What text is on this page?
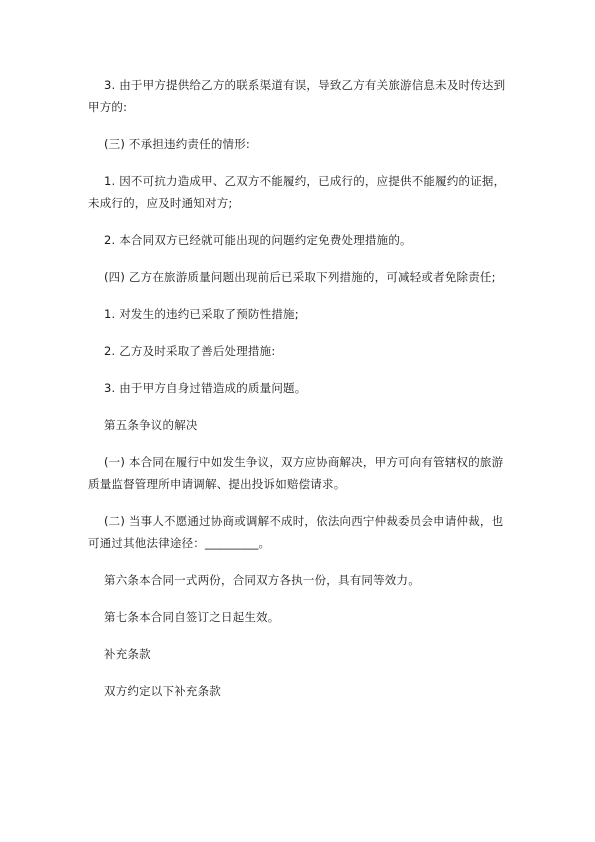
3. 由于甲方提供给乙方的联系渠道有误，导致乙方有关旅游信息未及时传达到甲方的:

(三) 不承担违约责任的情形:

1. 因不可抗力造成甲、乙双方不能履约，已成行的，应提供不能履约的证据，未成行的，应及时通知对方;

2. 本合同双方已经就可能出现的问题约定免费处理措施的。

(四) 乙方在旅游质量问题出现前后已采取下列措施的，可减轻或者免除责任;

1. 对发生的违约已采取了预防性措施;

2. 乙方及时采取了善后处理措施:

3. 由于甲方自身过错造成的质量问题。

第五条争议的解决

(一) 本合同在履行中如发生争议，双方应协商解决，甲方可向有管辖权的旅游质量监督管理所申请调解、提出投诉如赔偿请求。

(二) 当事人不愿通过协商或调解不成时，依法向西宁仲裁委员会申请仲裁，也可通过其他法律途径：_________。

第六条本合同一式两份，合同双方各执一份，具有同等效力。

第七条本合同自签订之日起生效。

补充条款

双方约定以下补充条款
